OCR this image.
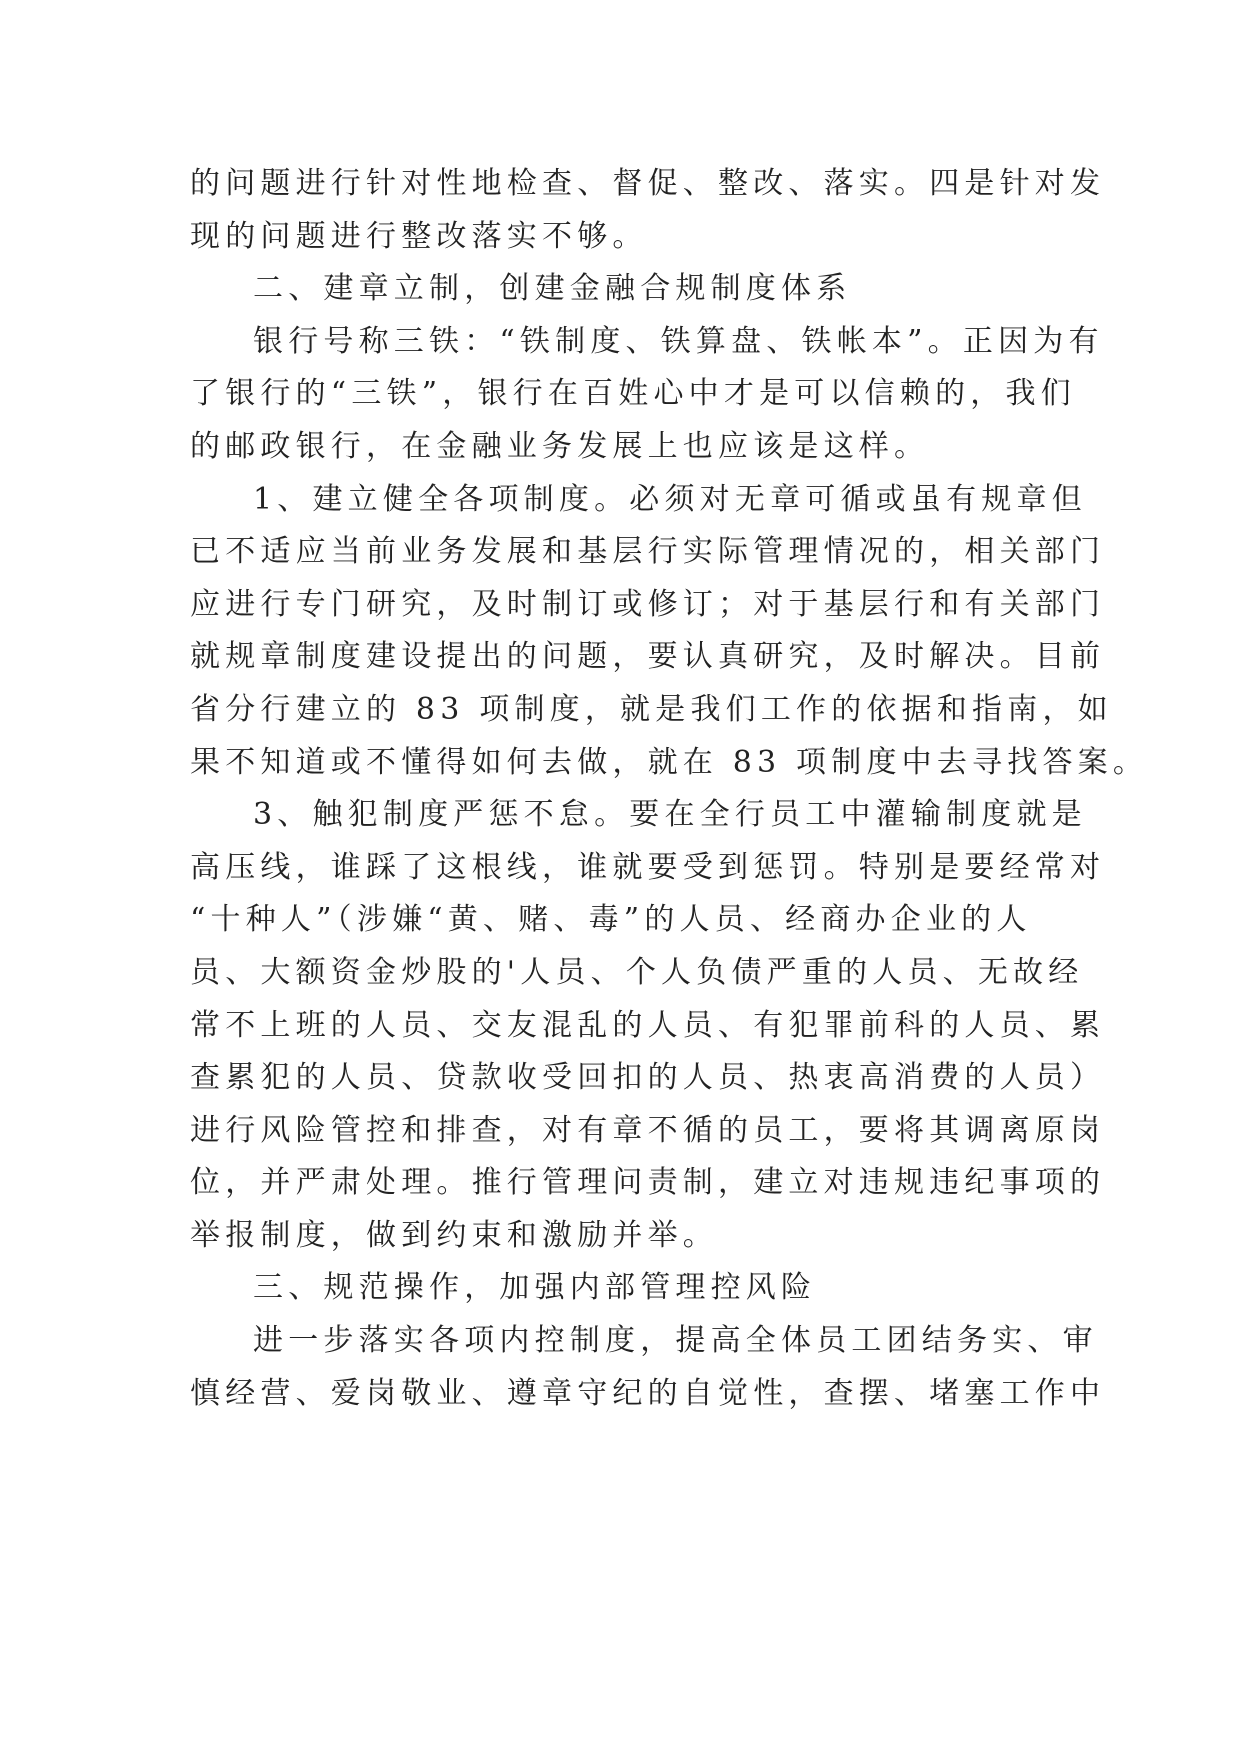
的问题进行针对性地检查、督促、整改、落实。四是针对发
现的问题进行整改落实不够。
二、建章立制，创建金融合规制度体系
银行号称三铁：“铁制度、铁算盘、铁帐本”。正因为有
了银行的“三铁”，银行在百姓心中才是可以信赖的，我们
的邮政银行，在金融业务发展上也应该是这样。
1、建立健全各项制度。必须对无章可循或虽有规章但
已不适应当前业务发展和基层行实际管理情况的，相关部门
应进行专门研究，及时制订或修订；对于基层行和有关部门
就规章制度建设提出的问题，要认真研究，及时解决。目前
省分行建立的 83 项制度，就是我们工作的依据和指南，如
果不知道或不懂得如何去做，就在 83 项制度中去寻找答案。
3、触犯制度严惩不怠。要在全行员工中灌输制度就是
高压线，谁踩了这根线，谁就要受到惩罚。特别是要经常对
“十种人”（涉嫌“黄、赌、毒”的人员、经商办企业的人
员、大额资金炒股的'人员、个人负债严重的人员、无故经
常不上班的人员、交友混乱的人员、有犯罪前科的人员、累
查累犯的人员、贷款收受回扣的人员、热衷高消费的人员）
进行风险管控和排查，对有章不循的员工，要将其调离原岗
位，并严肃处理。推行管理问责制，建立对违规违纪事项的
举报制度，做到约束和激励并举。
三、规范操作，加强内部管理控风险
进一步落实各项内控制度，提高全体员工团结务实、审
慎经营、爱岗敬业、遵章守纪的自觉性，查摆、堵塞工作中
